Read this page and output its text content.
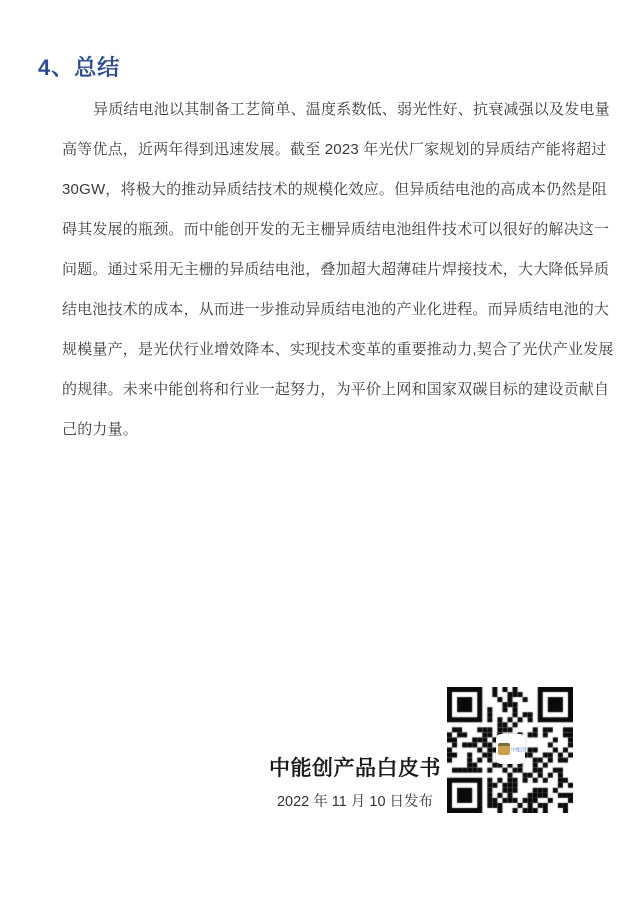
4、总结
异质结电池以其制备工艺简单、温度系数低、弱光性好、抗衰减强以及发电量
高等优点，近两年得到迅速发展。截至 2023 年光伏厂家规划的异质结产能将超过
30GW，将极大的推动异质结技术的规模化效应。但异质结电池的高成本仍然是阻
碍其发展的瓶颈。而中能创开发的无主栅异质结电池组件技术可以很好的解决这一
问题。通过采用无主栅的异质结电池，叠加超大超薄硅片焊接技术，大大降低异质
结电池技术的成本，从而进一步推动异质结电池的产业化进程。而异质结电池的大
规模量产，是光伏行业增效降本、实现技术变革的重要推动力,契合了光伏产业发展
的规律。未来中能创将和行业一起努力，为平价上网和国家双碳目标的建设贡献自
己的力量。
中能创产品白皮书
2022 年 11 月 10 日发布
中能创
